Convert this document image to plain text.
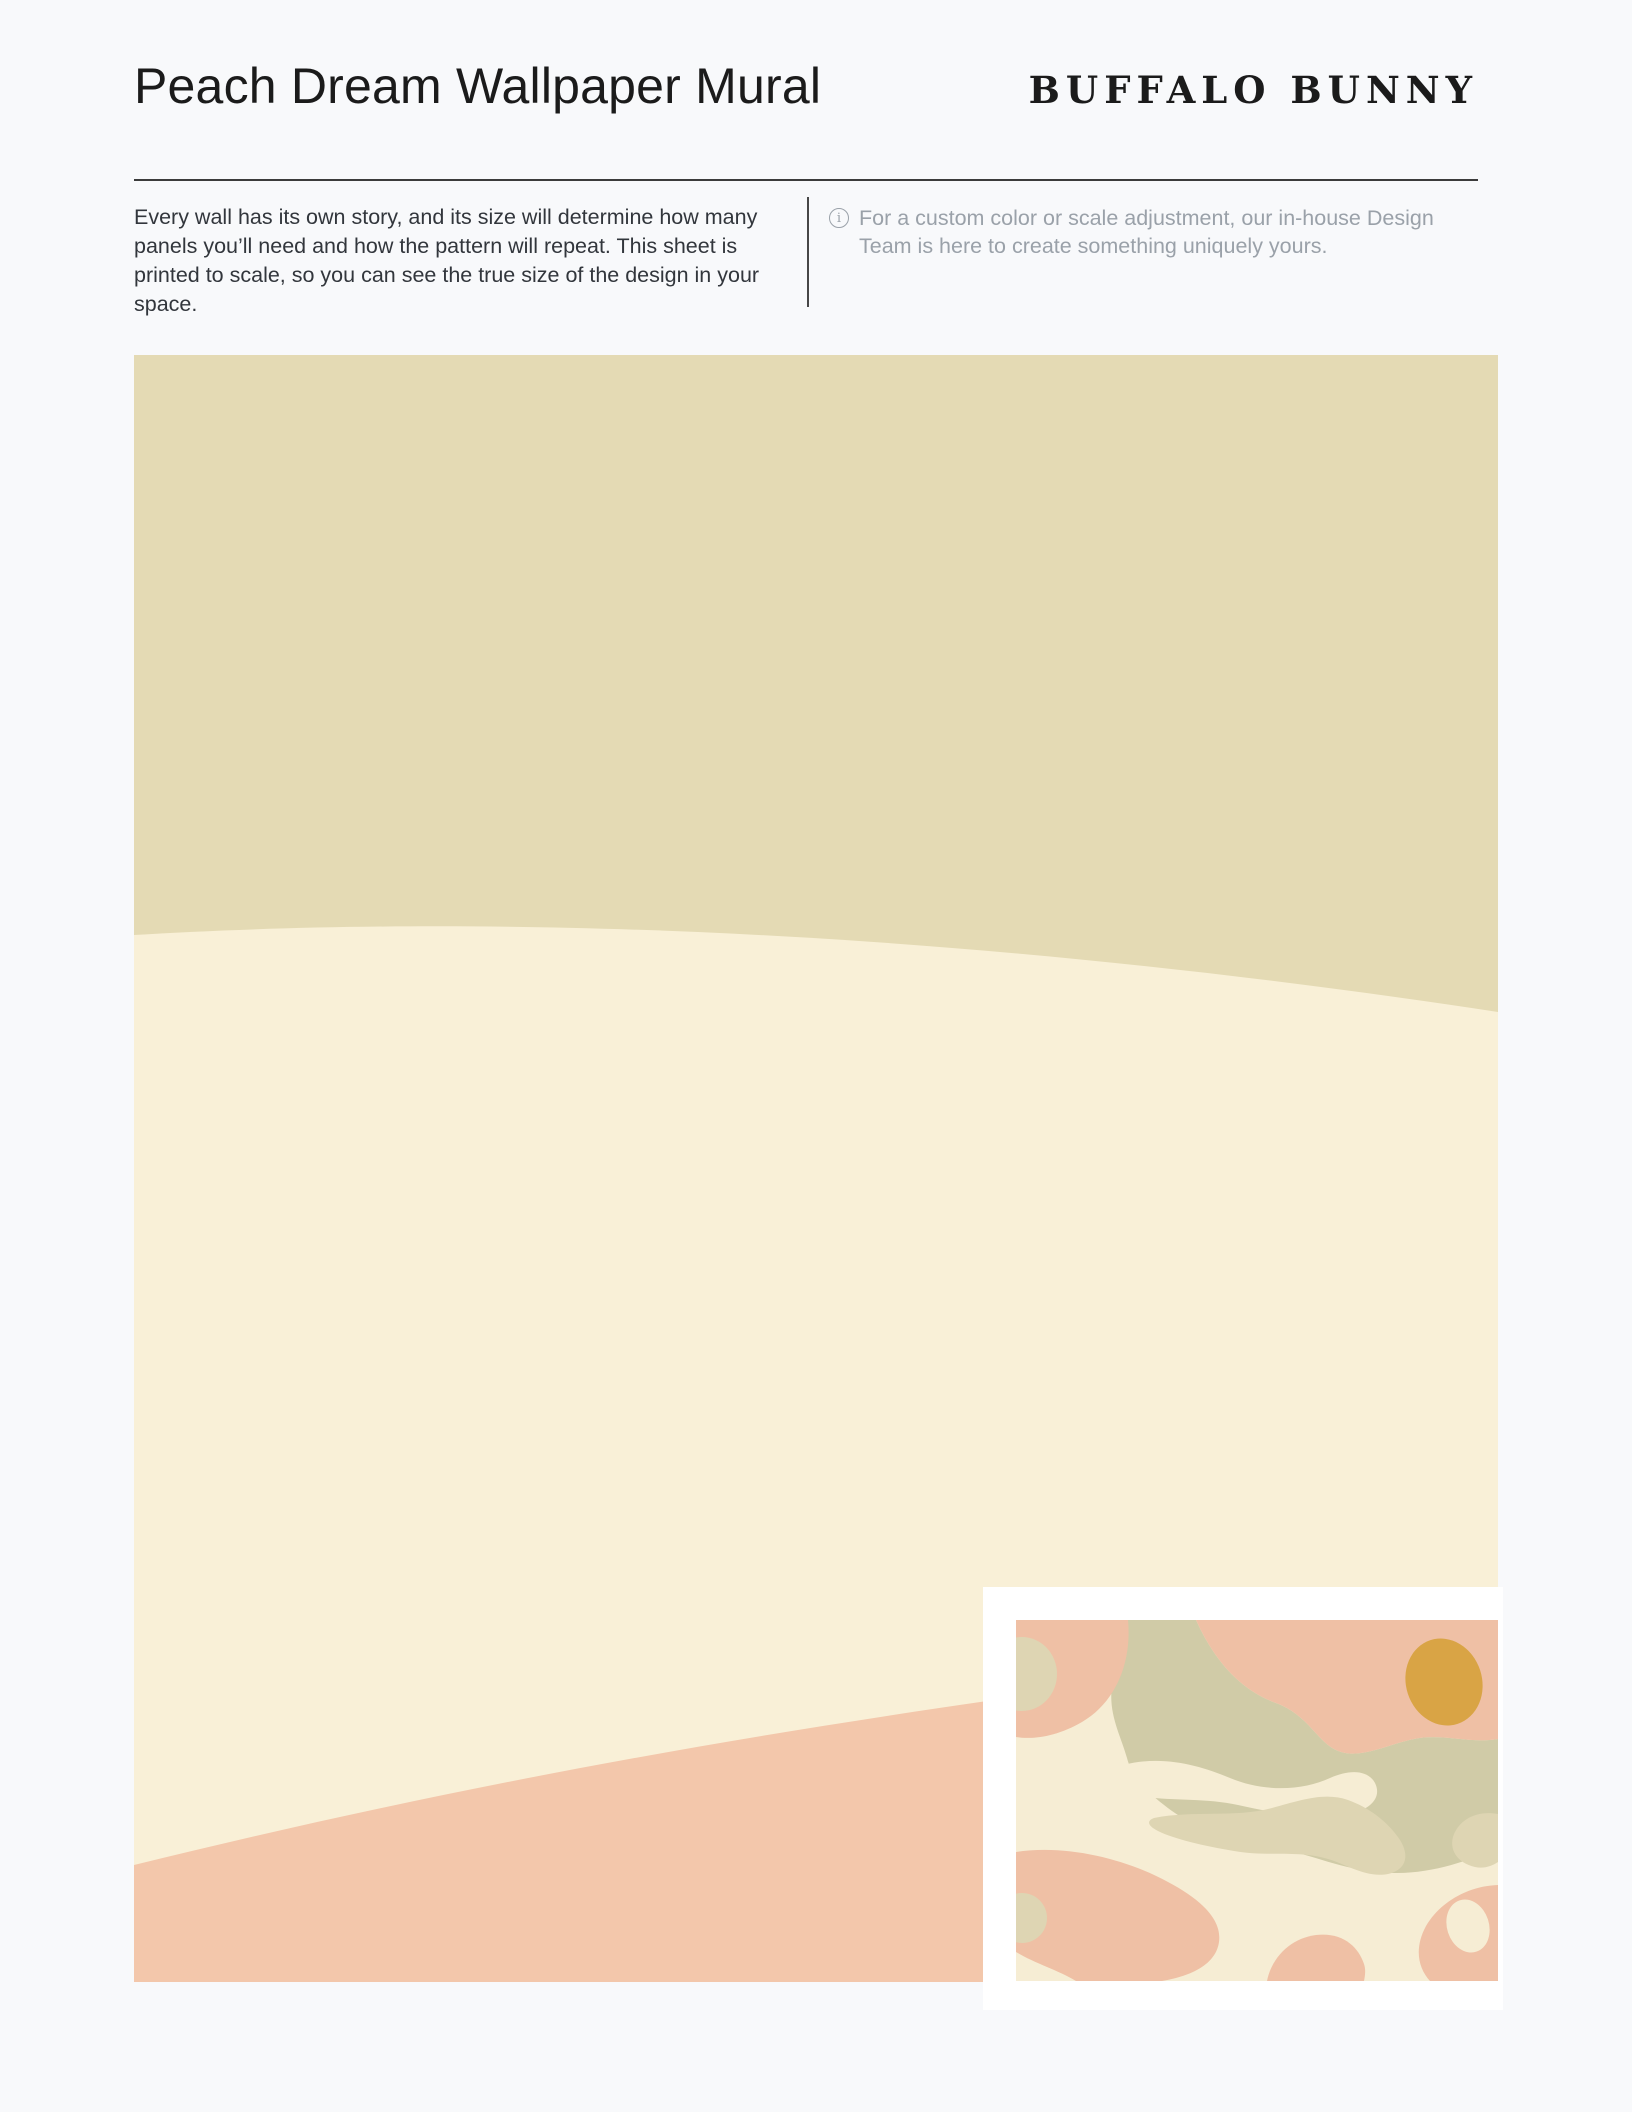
Peach Dream Wallpaper Mural	BUFFALO BUNNY
Every wall has its own story, and its size will determine how many panels you’ll need and how the pattern will repeat. This sheet is printed to scale, so you can see the true size of the design in your space.
i For a custom color or scale adjustment, our in-house Design Team is here to create something uniquely yours.
